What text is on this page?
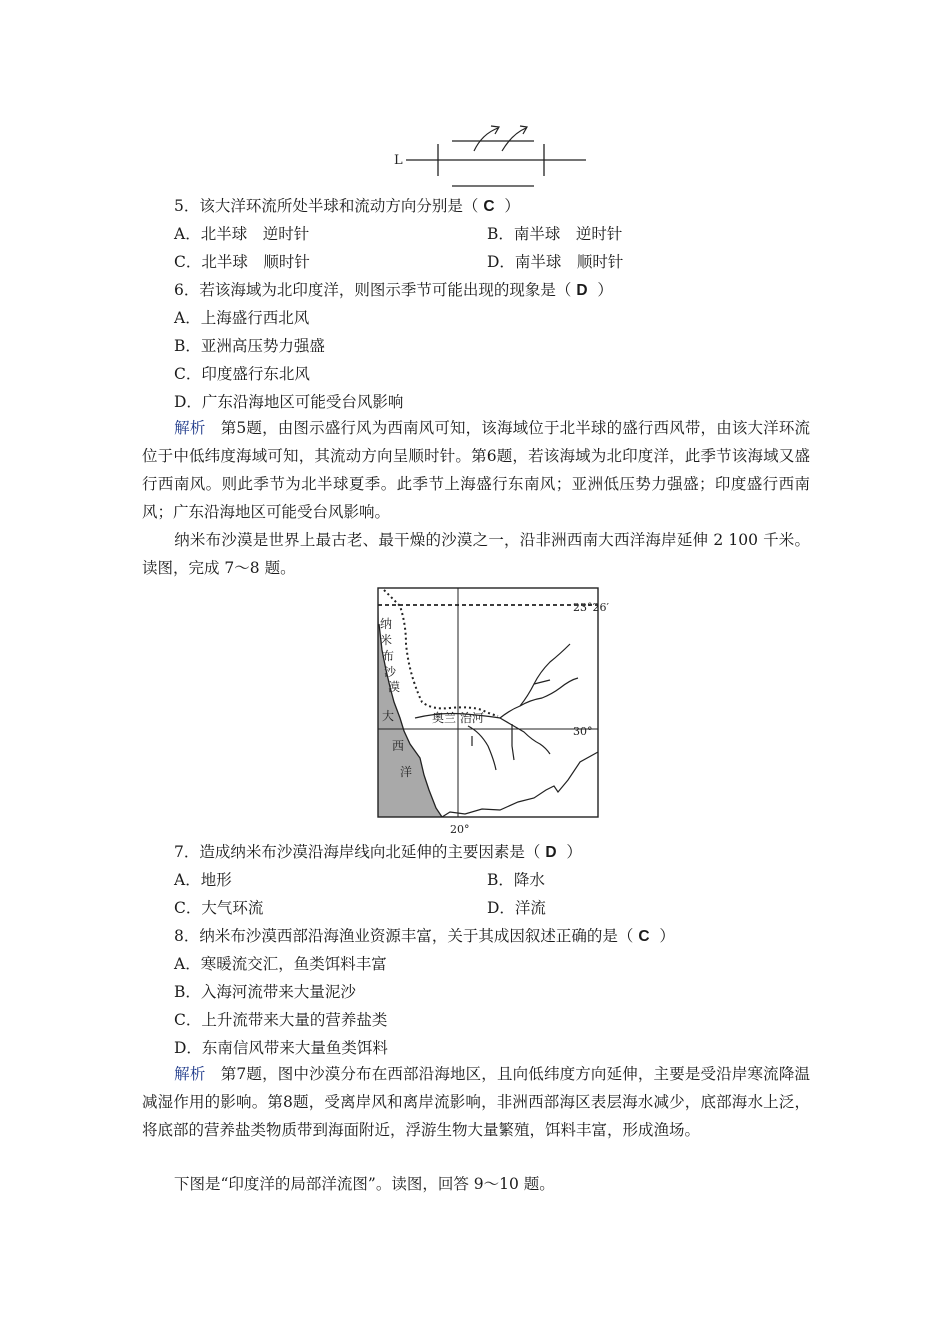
L
5．该大洋环流所处半球和流动方向分别是（ C ）
A．北半球　逆时针	B．南半球　逆时针
C．北半球　顺时针	D．南半球　顺时针
6．若该海域为北印度洋，则图示季节可能出现的现象是（ D ）
A．上海盛行西北风
B．亚洲高压势力强盛
C．印度盛行东北风
D．广东沿海地区可能受台风影响
解析 第5题，由图示盛行风为西南风可知，该海域位于北半球的盛行西风带，由该大洋环流位于中低纬度海域可知，其流动方向呈顺时针。第6题，若该海域为北印度洋，此季节该海域又盛行西南风。则此季节为北半球夏季。此季节上海盛行东南风；亚洲低压势力强盛；印度盛行西南风；广东沿海地区可能受台风影响。
纳米布沙漠是世界上最古老、最干燥的沙漠之一，沿非洲西南大西洋海岸延伸 2 100 千米。读图，完成 7～8 题。
23°26′
30°
20°
纳
米
布
沙
漠
大
西
洋
奥兰 治河
7．造成纳米布沙漠沿海岸线向北延伸的主要因素是（ D ）
A．地形	B．降水
C．大气环流	D．洋流
8．纳米布沙漠西部沿海渔业资源丰富，关于其成因叙述正确的是（ C ）
A．寒暖流交汇，鱼类饵料丰富
B．入海河流带来大量泥沙
C．上升流带来大量的营养盐类
D．东南信风带来大量鱼类饵料
解析 第7题，图中沙漠分布在西部沿海地区，且向低纬度方向延伸，主要是受沿岸寒流降温减湿作用的影响。第8题，受离岸风和离岸流影响，非洲西部海区表层海水减少，底部海水上泛，将底部的营养盐类物质带到海面附近，浮游生物大量繁殖，饵料丰富，形成渔场。
下图是“印度洋的局部洋流图”。读图，回答 9～10 题。
